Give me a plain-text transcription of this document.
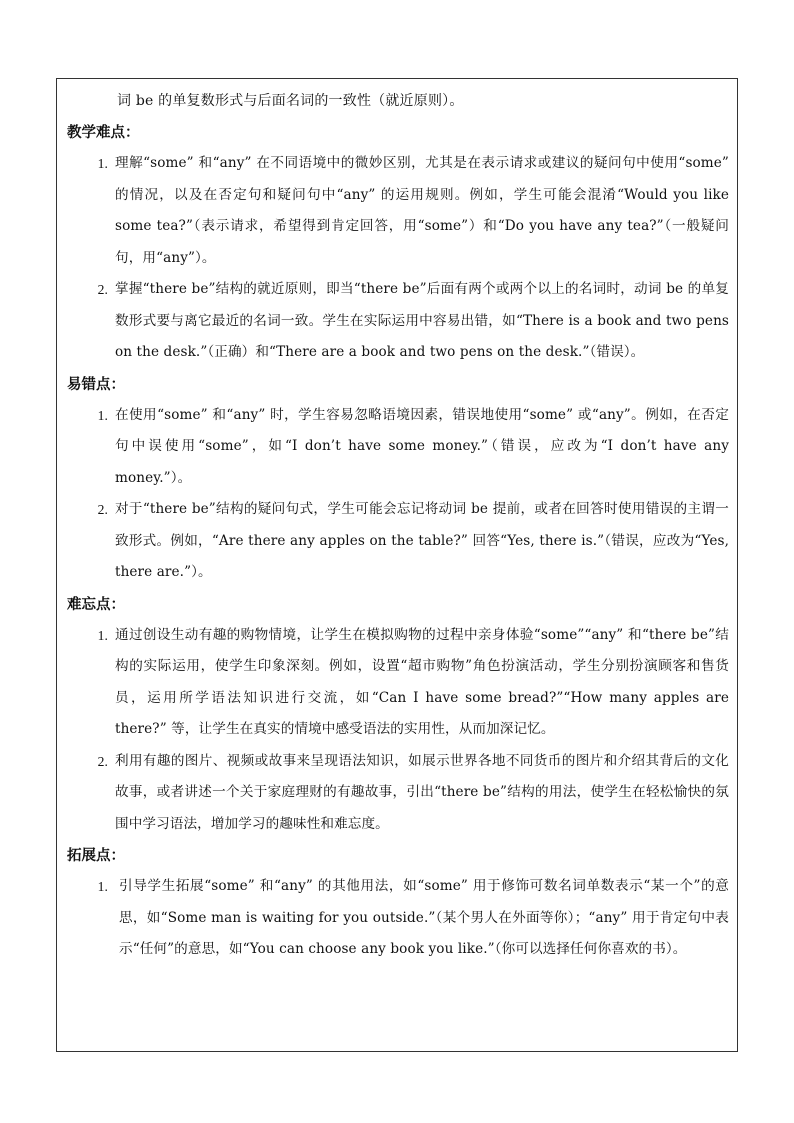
词 be 的单复数形式与后面名词的一致性（就近原则）。

教学难点：

1. 理解“some” 和“any” 在不同语境中的微妙区别，尤其是在表示请求或建议的疑问句中使用“some” 的情况，以及在否定句和疑问句中“any” 的运用规则。例如，学生可能会混淆“Would you like some tea?”（表示请求，希望得到肯定回答，用“some”）和“Do you have any tea?”（一般疑问句，用“any”）。
2. 掌握“there be”结构的就近原则，即当“there be”后面有两个或两个以上的名词时，动词 be 的单复数形式要与离它最近的名词一致。学生在实际运用中容易出错，如“There is a book and two pens on the desk.”（正确）和“There are a book and two pens on the desk.”（错误）。

易错点：

1. 在使用“some” 和“any” 时，学生容易忽略语境因素，错误地使用“some” 或“any”。例如，在否定句中误使用“some”，如“I don’t have some money.”（错误，应改为“I don’t have any money.”）。
2. 对于“there be”结构的疑问句式，学生可能会忘记将动词 be 提前，或者在回答时使用错误的主谓一致形式。例如，“Are there any apples on the table?” 回答“Yes, there is.”（错误，应改为“Yes, there are.”）。

难忘点：

1. 通过创设生动有趣的购物情境，让学生在模拟购物的过程中亲身体验“some”“any” 和“there be”结构的实际运用，使学生印象深刻。例如，设置“超市购物”角色扮演活动，学生分别扮演顾客和售货员，运用所学语法知识进行交流，如“Can I have some bread?”“How many apples are there?” 等，让学生在真实的情境中感受语法的实用性，从而加深记忆。
2. 利用有趣的图片、视频或故事来呈现语法知识，如展示世界各地不同货币的图片和介绍其背后的文化故事，或者讲述一个关于家庭理财的有趣故事，引出“there be”结构的用法，使学生在轻松愉快的氛围中学习语法，增加学习的趣味性和难忘度。

拓展点：

1. 引导学生拓展“some” 和“any” 的其他用法，如“some” 用于修饰可数名词单数表示“某一个”的意思，如“Some man is waiting for you outside.”（某个男人在外面等你）；“any” 用于肯定句中表示“任何”的意思，如“You can choose any book you like.”（你可以选择任何你喜欢的书）。
